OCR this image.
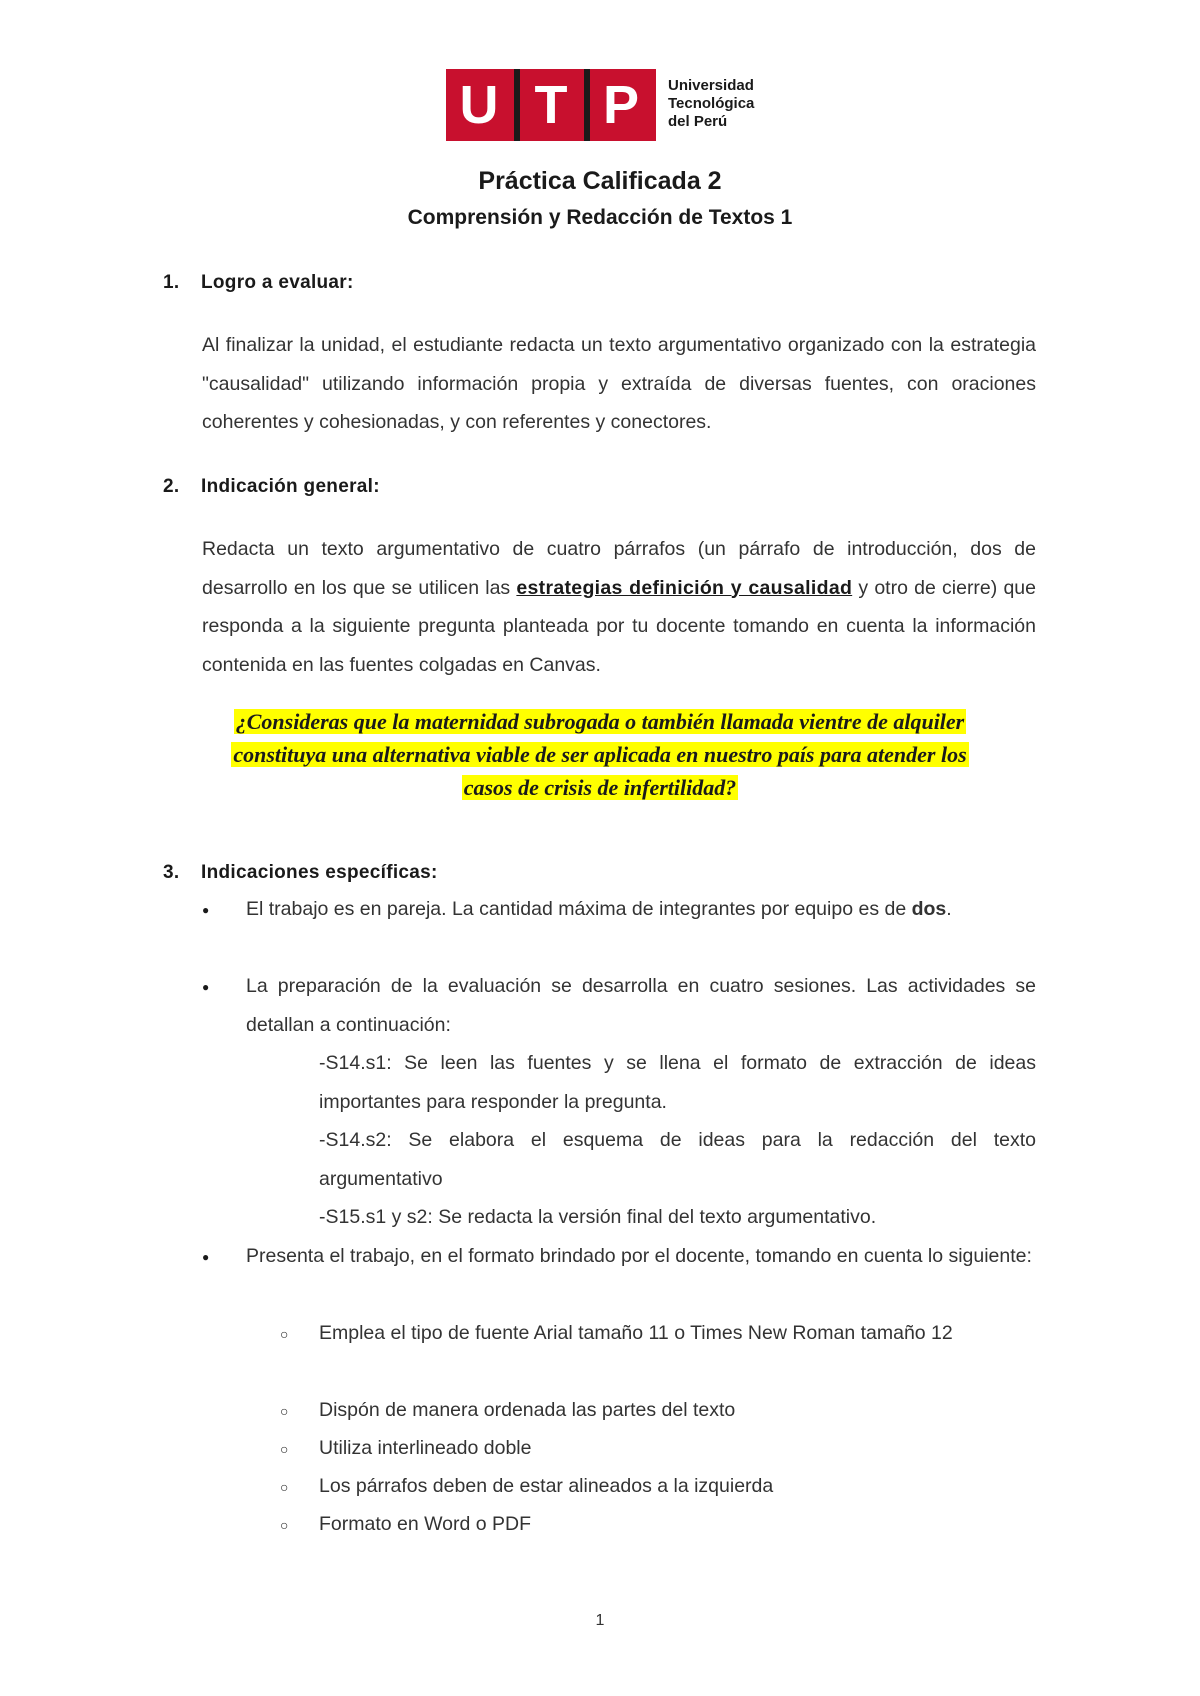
U T P	Universidad
Tecnológica
del Perú
Práctica Calificada 2
Comprensión y Redacción de Textos 1
1. Logro a evaluar:
Al finalizar la unidad, el estudiante redacta un texto argumentativo organizado con la estrategia "causalidad" utilizando información propia y extraída de diversas fuentes, con oraciones coherentes y cohesionadas, y con referentes y conectores.
2. Indicación general:
Redacta un texto argumentativo de cuatro párrafos (un párrafo de introducción, dos de desarrollo en los que se utilicen las estrategias definición y causalidad y otro de cierre) que responda a la siguiente pregunta planteada por tu docente tomando en cuenta la información contenida en las fuentes colgadas en Canvas.
¿Consideras que la maternidad subrogada o también llamada vientre de alquiler
constituya una alternativa viable de ser aplicada en nuestro país para atender los
casos de crisis de infertilidad?
3. Indicaciones específicas:
● El trabajo es en pareja. La cantidad máxima de integrantes por equipo es de dos.
● La preparación de la evaluación se desarrolla en cuatro sesiones. Las actividades se detallan a continuación:
-S14.s1: Se leen las fuentes y se llena el formato de extracción de ideas importantes para responder la pregunta.
-S14.s2: Se elabora el esquema de ideas para la redacción del texto argumentativo
-S15.s1 y s2: Se redacta la versión final del texto argumentativo.
● Presenta el trabajo, en el formato brindado por el docente, tomando en cuenta lo siguiente:
○ Emplea el tipo de fuente Arial tamaño 11 o Times New Roman tamaño 12
○ Dispón de manera ordenada las partes del texto
○ Utiliza interlineado doble
○ Los párrafos deben de estar alineados a la izquierda
○ Formato en Word o PDF
1
